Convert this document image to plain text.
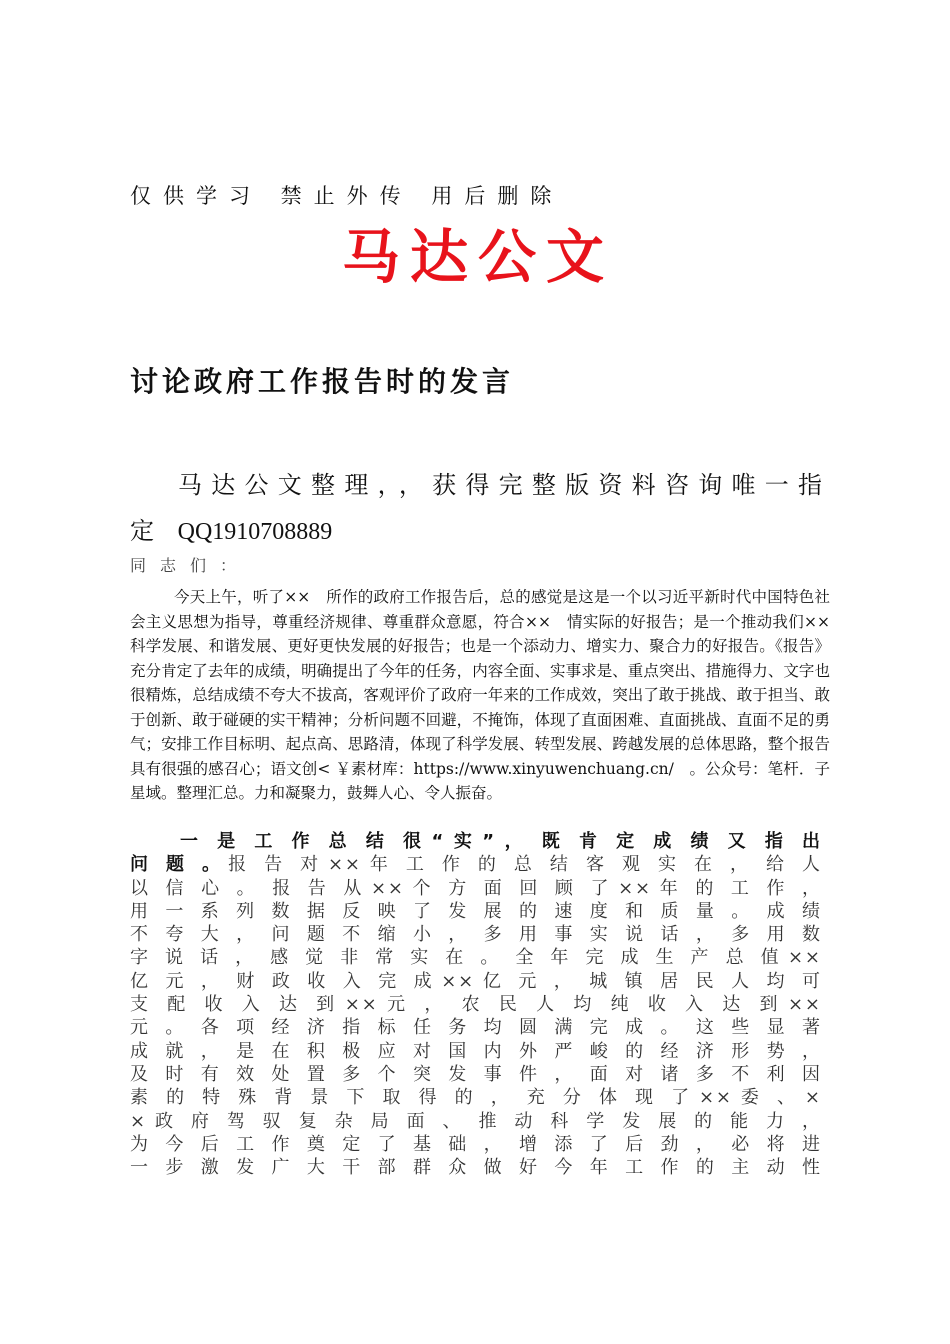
仅供学习 禁止外传 用后删除
马达公文
讨论政府工作报告时的发言
马达公文整理，，获得完整版资料咨询唯一指定 QQ1910708889
同志们：
今天上午，听了××　所作的政府工作报告后，总的感觉是这是一个以习近平新时代中国特色社会主义思想为指导，尊重经济规律、尊重群众意愿，符合××　情实际的好报告；是一个推动我们××　科学发展、和谐发展、更好更快发展的好报告；也是一个添动力、增实力、聚合力的好报告。《报告》充分肯定了去年的成绩，明确提出了今年的任务，内容全面、实事求是、重点突出、措施得力、文字也很精炼，总结成绩不夸大不拔高，客观评价了政府一年来的工作成效，突出了敢于挑战、敢于担当、敢于创新、敢于碰硬的实干精神；分析问题不回避，不掩饰，体现了直面困难、直面挑战、直面不足的勇气；安排工作目标明、起点高、思路清，体现了科学发展、转型发展、跨越发展的总体思路，整个报告具有很强的感召心；语文创< ￥素材库：https://www.xinyuwenchuang.cn/　。公众号：笔杆．子星域。整理汇总。力和凝聚力，鼓舞人心、令人振奋。
一 是 工 作 总 结 很 “ 实 ” ， 既 肯 定 成 绩 又 指 出
问 题 。报 告 对 × × 年 工 作 的 总 结 客 观 实 在 ， 给 人
以 信 心 。 报 告 从 × × 个 方 面 回 顾 了 × × 年 的 工 作 ，
用 一 系 列 数 据 反 映 了 发 展 的 速 度 和 质 量 。 成 绩
不 夸 大 ， 问 题 不 缩 小 ， 多 用 事 实 说 话 ， 多 用 数
字 说 话 ， 感 觉 非 常 实 在 。 全 年 完 成 生 产 总 值 × ×
亿 元 ， 财 政 收 入 完 成 × × 亿 元 ， 城 镇 居 民 人 均 可
支 配 收 入 达 到 × × 元 ， 农 民 人 均 纯 收 入 达 到 × ×
元 。 各 项 经 济 指 标 任 务 均 圆 满 完 成 。 这 些 显 著
成 就 ， 是 在 积 极 应 对 国 内 外 严 峻 的 经 济 形 势 ，
及 时 有 效 处 置 多 个 突 发 事 件 ， 面 对 诸 多 不 利 因
素 的 特 殊 背 景 下 取 得 的 ， 充 分 体 现 了 × × 委 、 ×
× 政 府 驾 驭 复 杂 局 面 、 推 动 科 学 发 展 的 能 力 ，
为 今 后 工 作 奠 定 了 基 础 ， 增 添 了 后 劲 ， 必 将 进
一 步 激 发 广 大 干 部 群 众 做 好 今 年 工 作 的 主 动 性
